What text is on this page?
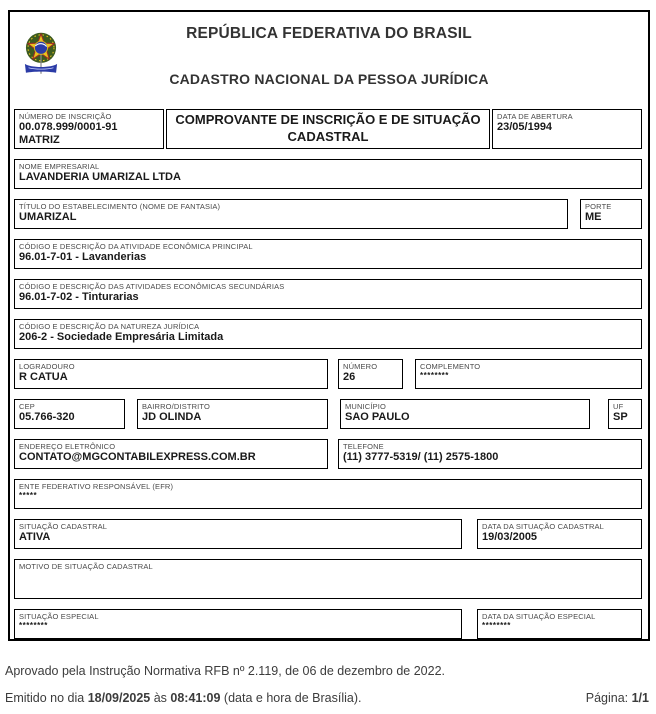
REPÚBLICA FEDERATIVA DO BRASIL
CADASTRO NACIONAL DA PESSOA JURÍDICA
NÚMERO DE INSCRIÇÃO
00.078.999/0001-91
MATRIZ
COMPROVANTE DE INSCRIÇÃO E DE SITUAÇÃO CADASTRAL
DATA DE ABERTURA
23/05/1994
NOME EMPRESARIAL
LAVANDERIA UMARIZAL LTDA
TÍTULO DO ESTABELECIMENTO (NOME DE FANTASIA)
UMARIZAL
PORTE
ME
CÓDIGO E DESCRIÇÃO DA ATIVIDADE ECONÔMICA PRINCIPAL
96.01-7-01 - Lavanderias
CÓDIGO E DESCRIÇÃO DAS ATIVIDADES ECONÔMICAS SECUNDÁRIAS
96.01-7-02 - Tinturarias
CÓDIGO E DESCRIÇÃO DA NATUREZA JURÍDICA
206-2 - Sociedade Empresária Limitada
LOGRADOURO
R CATUA
NÚMERO
26
COMPLEMENTO
********
CEP
05.766-320
BAIRRO/DISTRITO
JD OLINDA
MUNICÍPIO
SAO PAULO
UF
SP
ENDEREÇO ELETRÔNICO
CONTATO@MGCONTABILEXPRESS.COM.BR
TELEFONE
(11) 3777-5319/ (11) 2575-1800
ENTE FEDERATIVO RESPONSÁVEL (EFR)
*****
SITUAÇÃO CADASTRAL
ATIVA
DATA DA SITUAÇÃO CADASTRAL
19/03/2005
MOTIVO DE SITUAÇÃO CADASTRAL
SITUAÇÃO ESPECIAL
********
DATA DA SITUAÇÃO ESPECIAL
********
Aprovado pela Instrução Normativa RFB nº 2.119, de 06 de dezembro de 2022.
Emitido no dia 18/09/2025 às 08:41:09 (data e hora de Brasília).	Página: 1/1
